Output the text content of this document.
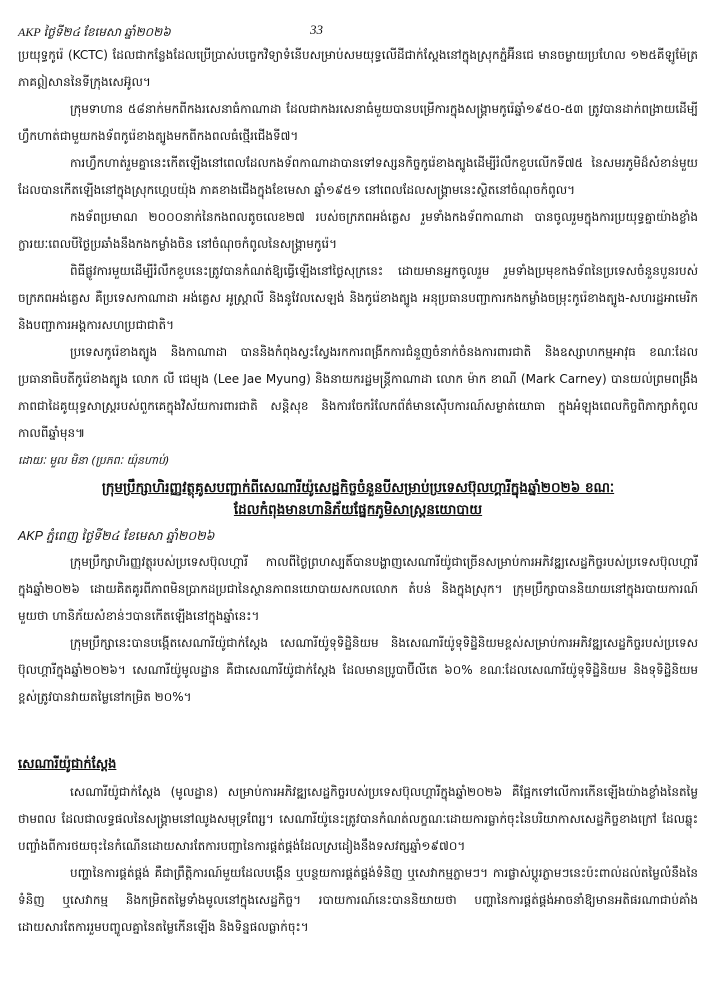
AKP ថ្ងៃទី២៤ ខែមេសា ឆ្នាំ២០២៦	33

ប្រយុទ្ធកូរ៉េ (KCTC) ដែលជាកន្លែងដែលប្រើប្រាស់បច្ចេកវិទ្យាទំនើបសម្រាប់សមយុទ្ធលើដីជាក់ស្តែងនៅក្នុងស្រុកភ្នំអ៊ីនជេ មានចម្ងាយប្រហែល ១២៥គីឡូម៉ែត្រភាគឦសាននៃទីក្រុងសេអ៊ូល។

ក្រុមទាហាន ៥៨នាក់មកពីកងរសេនាធំកាណាដា ដែលជាកងរសេនាធំមួយបានបម្រើការក្នុងសង្គ្រាមកូរ៉េឆ្នាំ១៩៥០-៥៣ ត្រូវបានដាក់ពង្រាយដើម្បីហ្វឹកហាត់ជាមួយកងទ័ពកូរ៉េខាងត្បូងមកពីកងពលធំថ្មើរជើងទី៧។

ការហ្វឹកហាត់រួមគ្នានេះកើតឡើងនៅពេលដែលកងទ័ពកាណាដាបានទៅទស្សនកិច្ចកូរ៉េខាងត្បូងដើម្បីរំលឹកខួបលើកទី៧៥ នៃសមរភូមិដ៏សំខាន់មួយដែលបានកើតឡើងនៅក្នុងស្រុកហ្គេបយ៉ុង ភាគខាងជើងក្នុងខែមេសា ឆ្នាំ១៩៥១ នៅពេលដែលសង្គ្រាមនេះស្ថិតនៅចំណុចកំពូល។

កងទ័ពប្រមាណ ២០០០នាក់នៃកងពលតូចលេខ២៧ របស់ចក្រភពអង់គ្លេស រួមទាំងកងទ័ពកាណាដា បានចូលរួមក្នុងការប្រយុទ្ធគ្នាយ៉ាងខ្លាំងក្លារយៈពេលបីថ្ងៃប្រឆាំងនឹងកងកម្លាំងចិន នៅចំណុចកំពូលនៃសង្គ្រាមកូរ៉េ។

ពិធីផ្លូវការមួយដើម្បីរំលឹកខួបនេះត្រូវបានកំណត់ឱ្យធ្វើឡើងនៅថ្ងៃសុក្រនេះ ដោយមានអ្នកចូលរួម រួមទាំងប្រមុខកងទ័ពនៃប្រទេសចំនួនបួនរបស់ចក្រភពអង់គ្លេស គឺប្រទេសកាណាដា អង់គ្លេស អូស្ត្រាលី និងនូវែលសេឡង់ និងកូរ៉េខាងត្បូង អនុប្រធានបញ្ជាការកងកម្លាំងចម្រុះកូរ៉េខាងត្បូង-សហរដ្ឋអាមេរិក និងបញ្ជាការអង្គការសហប្រជាជាតិ។

ប្រទេសកូរ៉េខាងត្បូង និងកាណាដា បាននិងកំពុងស្វះស្វែងរកការពង្រីកការជំនួញចំនាក់ចំនងការពារជាតិ និងឧស្សាហកម្មអាវុធ ខណៈដែលប្រធានាធិបតីកូរ៉េខាងត្បូង លោក លី ជេម្យុង (Lee Jae Myung) និងនាយករដ្ឋមន្ត្រីកាណាដា លោក ម៉ាក ខាណី (Mark Carney) បានយល់ព្រមពង្រឹងភាពជាដៃគូយុទ្ធសាស្ត្ររបស់ពួកគេក្នុងវិស័យការពារជាតិ សន្តិសុខ និងការចែករំលែកព័ត៌មានស៊ើបការណ៍សម្ងាត់យោធា ក្នុងអំឡុងពេលកិច្ចពិភាក្សាកំពូលកាលពីឆ្នាំមុន៕

ដោយៈ មួល មិនា (ប្រភពៈ យ៉ុនហាប់)
ក្រុមប្រឹក្សាហិរញ្ញវត្ថុគូសបញ្ជាក់ពីសេណារីយ៉ូសេដ្ឋកិច្ចចំនួនបីសម្រាប់ប្រទេសប៊ុលហ្គារីក្នុងឆ្នាំ២០២៦ ខណៈ
ដែលកំពុងមានហានិភ័យផ្នែកភូមិសាស្ត្រនយោបាយ
AKP ភ្នំពេញ ថ្ងៃទី២៤ ខែមេសា ឆ្នាំ២០២៦

ក្រុមប្រឹក្សាហិរញ្ញវត្ថុរបស់ប្រទេសប៊ុលហ្គារី កាលពីថ្ងៃព្រហស្បតិ៍បានបង្ហាញសេណារីយ៉ូជាច្រើនសម្រាប់ការអភិវឌ្ឍសេដ្ឋកិច្ចរបស់ប្រទេសប៊ុលហ្គារីក្នុងឆ្នាំ២០២៦ ដោយគិតគូរពីភាពមិនប្រាកដប្រជានៃស្ថានភាពនយោបាយសកលលោក តំបន់ និងក្នុងស្រុក។ ក្រុមប្រឹក្សាបាននិយាយនៅក្នុងរបាយការណ៍មួយថា ហានិភ័យសំខាន់ៗបានកើតឡើងនៅក្នុងឆ្នាំនេះ។

ក្រុមប្រឹក្សានេះបានបង្កើតសេណារីយ៉ូជាក់ស្តែង សេណារីយ៉ូទុទិដ្ឋិនិយម និងសេណារីយ៉ូទុទិដ្ឋិនិយមខ្ពស់សម្រាប់ការអភិវឌ្ឍសេដ្ឋកិច្ចរបស់ប្រទេសប៊ុលហ្គារីក្នុងឆ្នាំ២០២៦។ សេណារីយ៉ូមូលដ្ឋាន គឺជាសេណារីយ៉ូជាក់ស្តែង ដែលមានប្រូបាប៊ីលីតេ ៦០% ខណៈដែលសេណារីយ៉ូទុទិដ្ឋិនិយម និងទុទិដ្ឋិនិយមខ្ពស់ត្រូវបានវាយតម្លៃនៅកម្រិត ២០%។

សេណារីយ៉ូជាក់ស្តែង

សេណារីយ៉ូជាក់ស្តែង (មូលដ្ឋាន) សម្រាប់ការអភិវឌ្ឍសេដ្ឋកិច្ចរបស់ប្រទេសប៊ុលហ្គារីក្នុងឆ្នាំ២០២៦ គឺផ្អែកទៅលើការកើនឡើងយ៉ាងខ្លាំងនៃតម្លៃថាមពល ដែលជាលទ្ធផលនៃសង្គ្រាមនៅឈូងសមុទ្រពែរ្ស។ សេណារីយ៉ូនេះត្រូវបានកំណត់លក្ខណៈដោយការធ្លាក់ចុះនៃបរិយាកាសសេដ្ឋកិច្ចខាងក្រៅ ដែលឆ្លុះបញ្ចាំងពីការថយចុះនៃកំណើនដោយសារតែការបញ្ជានៃការផ្គត់ផ្គង់ដែលស្រដៀងនឹងទសវត្សឆ្នាំ១៩៧០។

បញ្ហានៃការផ្គត់ផ្គង់ គឺជាព្រឹត្តិការណ៍មួយដែលបង្កើន ឬបន្ថយការផ្គត់ផ្គង់ទំនិញ ឬសេវាកម្មភ្លាមៗ។ ការផ្លាស់ប្តូរភ្លាមៗនេះប៉ះពាល់ដល់តម្លៃលំនឹងនៃទំនិញ ឬសេវាកម្ម និងកម្រិតតម្លៃទាំងមូលនៅក្នុងសេដ្ឋកិច្ច។ របាយការណ៍នេះបាននិយាយថា បញ្ហានៃការផ្គត់ផ្គង់អាចនាំឱ្យមានអតិផរណាជាប់គាំងដោយសារតែការរួមបញ្ចូលគ្នានៃតម្លៃកើនឡើង និងទិន្នផលធ្លាក់ចុះ។
